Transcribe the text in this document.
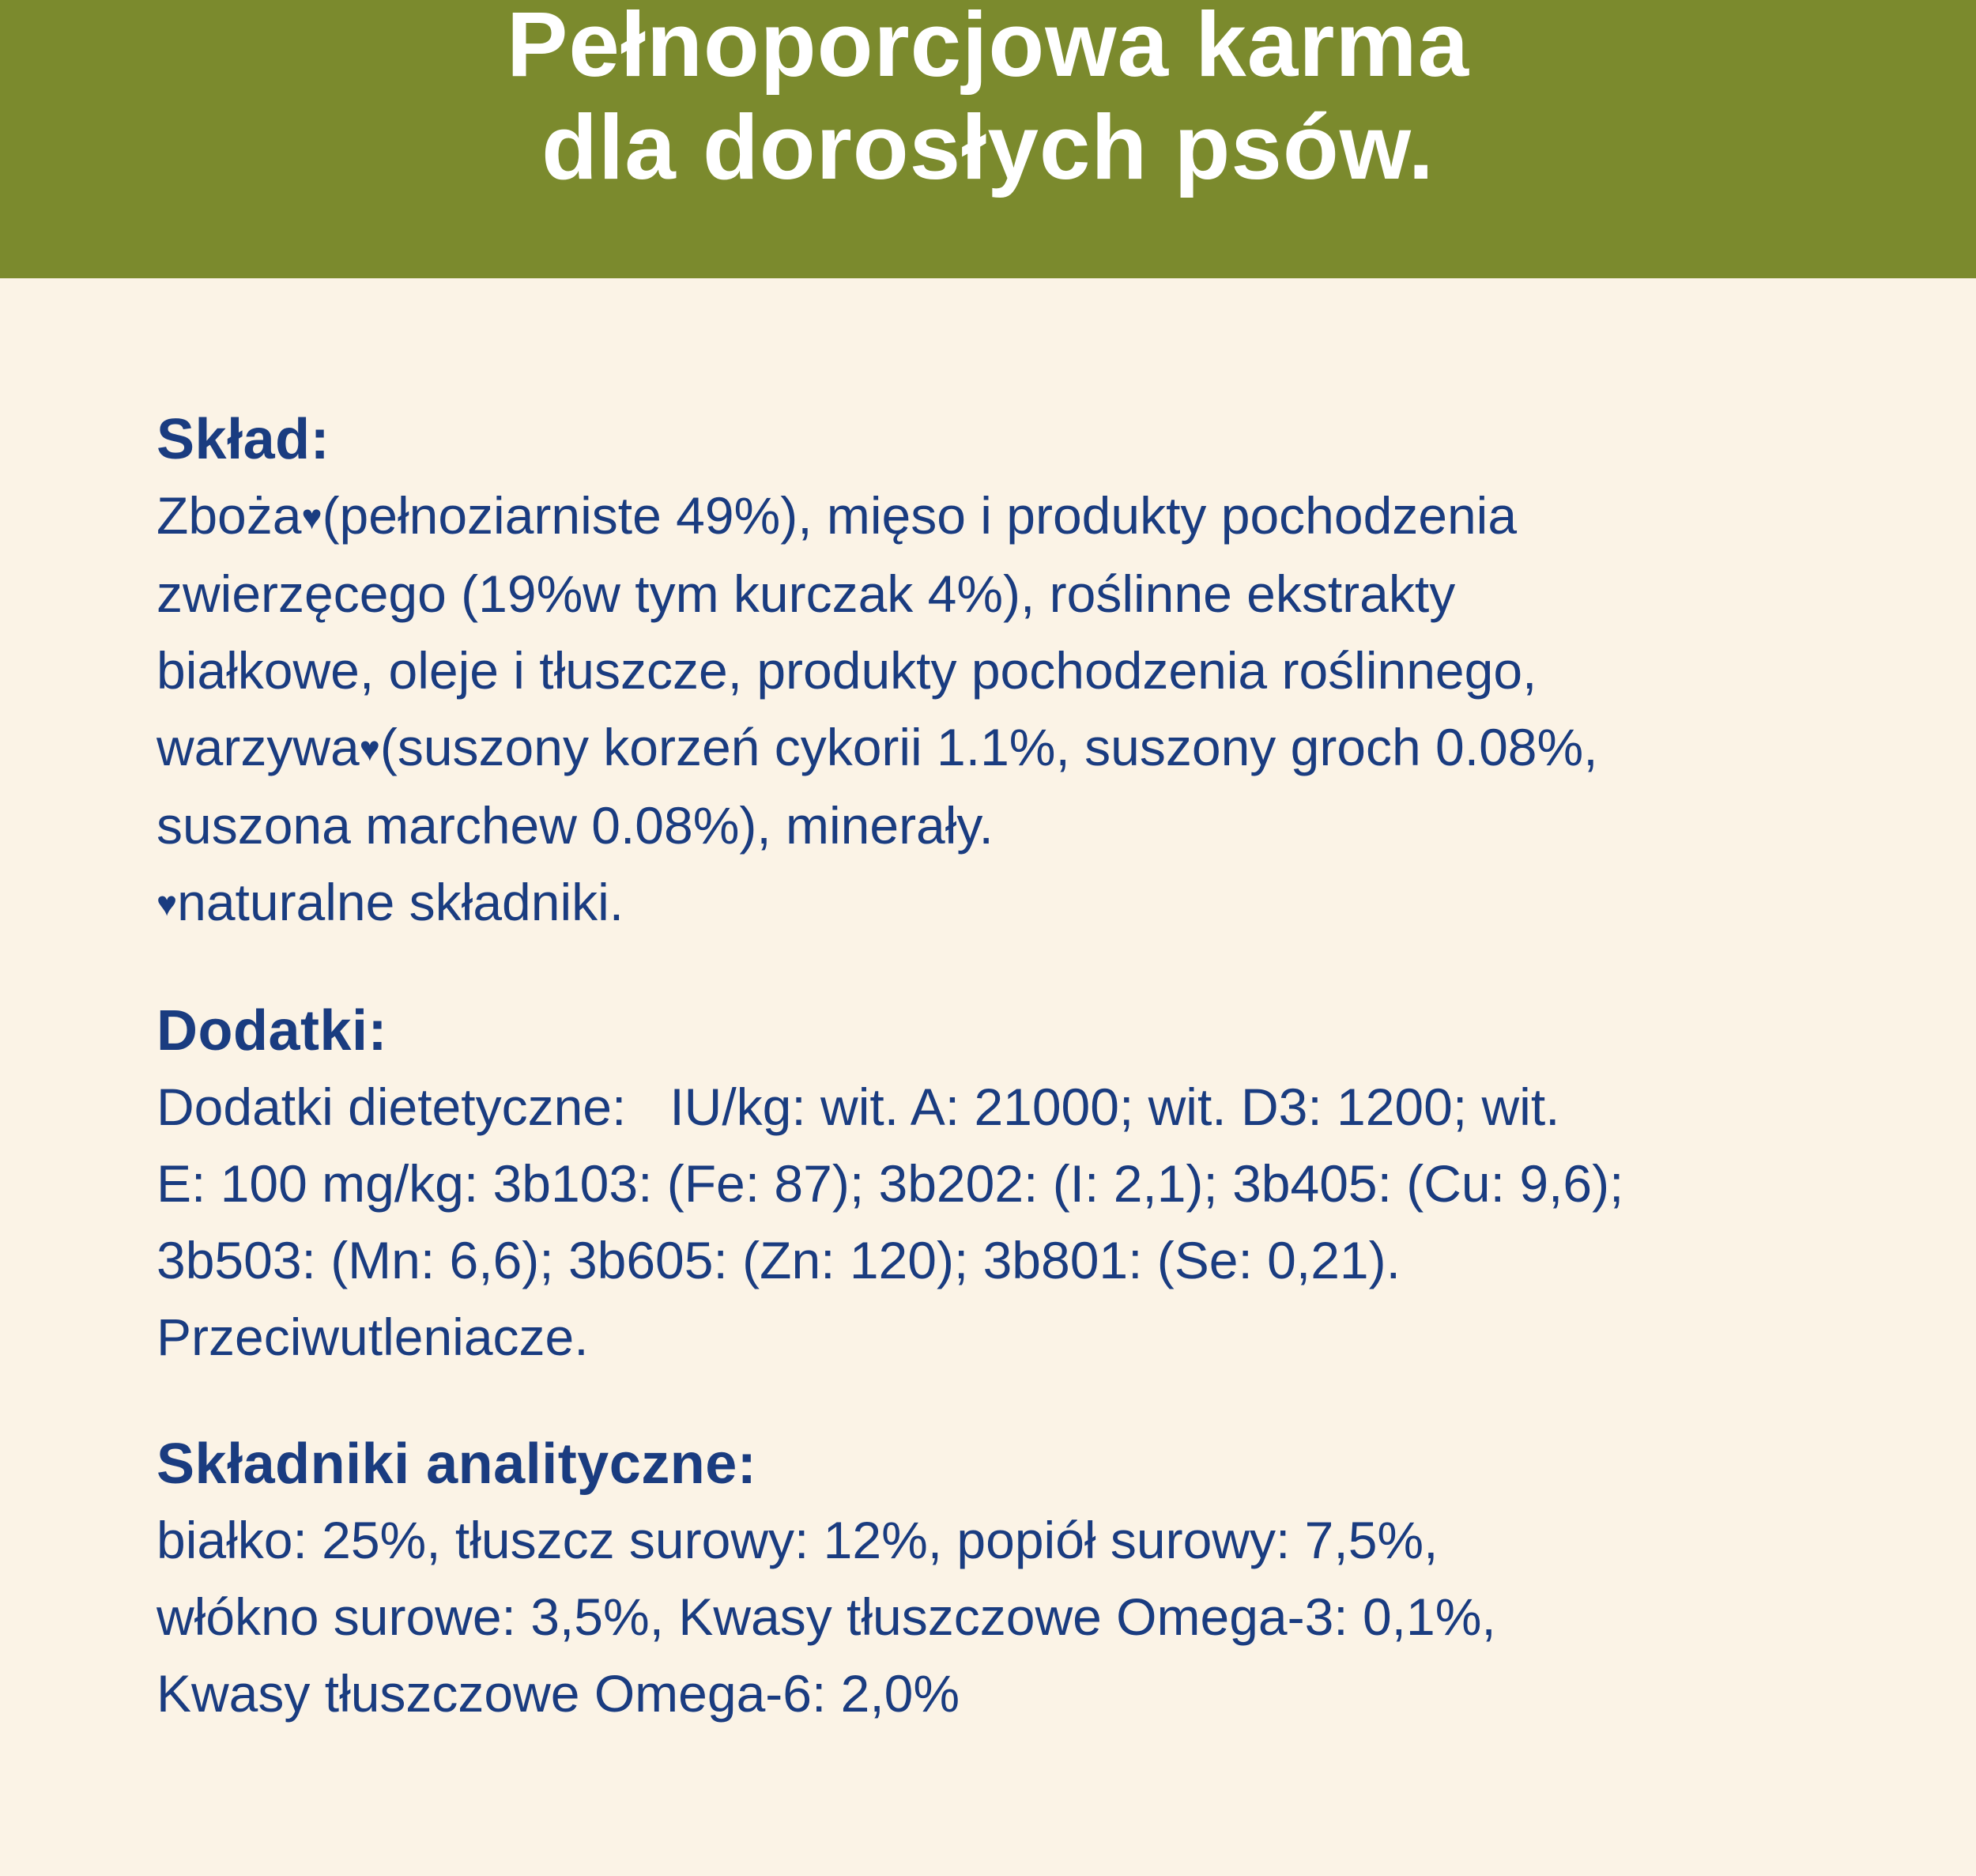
Pełnoporcjowa karma
dla dorosłych psów.

Skład:

Zboża♥(pełnoziarniste 49%), mięso i produkty pochodzenia

zwierzęcego (19%w tym kurczak 4%), roślinne ekstrakty

białkowe, oleje i tłuszcze, produkty pochodzenia roślinnego,

warzywa♥(suszony korzeń cykorii 1.1%, suszony groch 0.08%,

suszona marchew 0.08%), minerały.

♥naturalne składniki.

Dodatki:

Dodatki dietetyczne:   IU/kg: wit. A: 21000; wit. D3: 1200; wit.

E: 100 mg/kg: 3b103: (Fe: 87); 3b202: (I: 2,1); 3b405: (Cu: 9,6);

3b503: (Mn: 6,6); 3b605: (Zn: 120); 3b801: (Se: 0,21).

Przeciwutleniacze.

Składniki analityczne:

białko: 25%, tłuszcz surowy: 12%, popiół surowy: 7,5%,

włókno surowe: 3,5%, Kwasy tłuszczowe Omega-3: 0,1%,

Kwasy tłuszczowe Omega-6: 2,0%
